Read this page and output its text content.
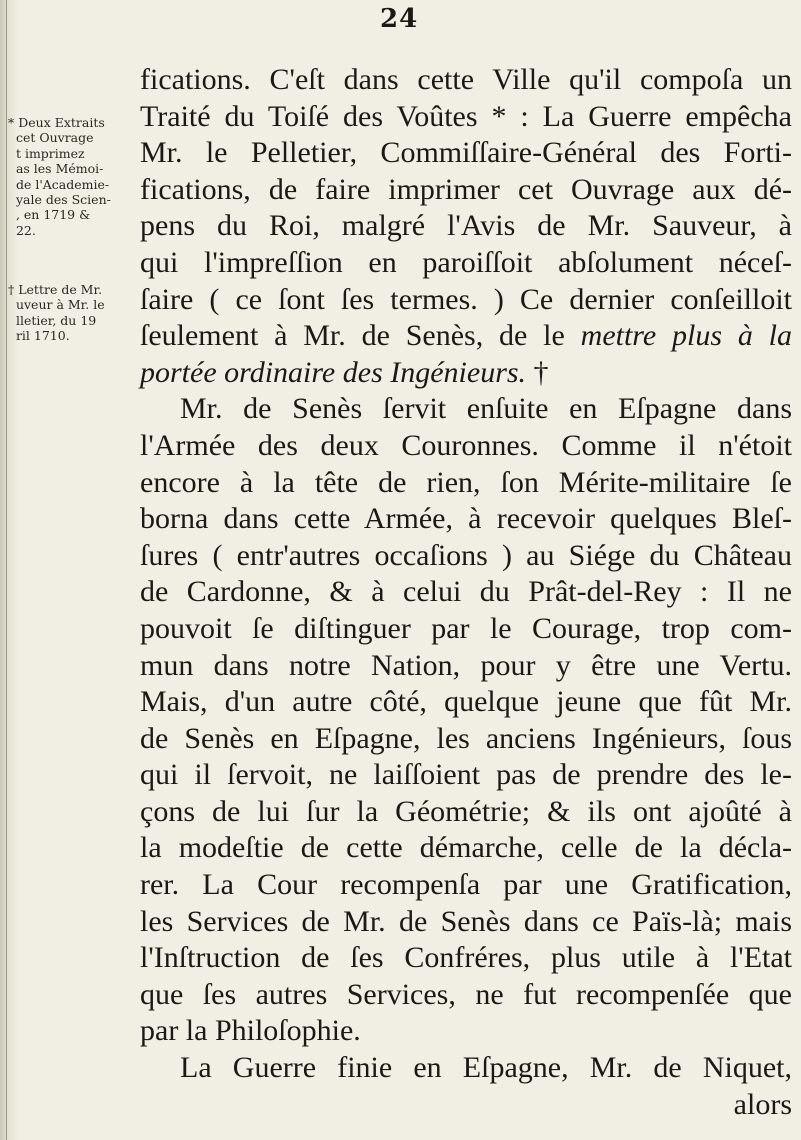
24
* Deux Extraits
cet Ouvrage
t imprimez
as les Mémoi-
de l'Academie-
yale des Scien-
, en 1719 &
22.
† Lettre de Mr.
uveur à Mr. le
lletier, du 19
ril 1710.
fications. C'eſt dans cette Ville qu'il compoſa un
Traité du Toiſé des Voûtes * : La Guerre empêcha
Mr. le Pelletier, Commiſſaire-Général des Forti-
fications, de faire imprimer cet Ouvrage aux dé-
pens du Roi, malgré l'Avis de Mr. Sauveur, à
qui l'impreſſion en paroiſſoit abſolument néceſ-
ſaire ( ce ſont ſes termes. ) Ce dernier conſeilloit
ſeulement à Mr. de Senès, de le mettre plus à la
portée ordinaire des Ingénieurs. †
Mr. de Senès ſervit enſuite en Eſpagne dans
l'Armée des deux Couronnes. Comme il n'étoit
encore à la tête de rien, ſon Mérite-militaire ſe
borna dans cette Armée, à recevoir quelques Bleſ-
ſures ( entr'autres occaſions ) au Siége du Château
de Cardonne, & à celui du Prât-del-Rey : Il ne
pouvoit ſe diſtinguer par le Courage, trop com-
mun dans notre Nation, pour y être une Vertu.
Mais, d'un autre côté, quelque jeune que fût Mr.
de Senès en Eſpagne, les anciens Ingénieurs, ſous
qui il ſervoit, ne laiſſoient pas de prendre des le-
çons de lui ſur la Géométrie; & ils ont ajoûté à
la modeſtie de cette démarche, celle de la décla-
rer. La Cour recompenſa par une Gratification,
les Services de Mr. de Senès dans ce Païs-là; mais
l'Inſtruction de ſes Confréres, plus utile à l'Etat
que ſes autres Services, ne fut recompenſée que
par la Philoſophie.
La Guerre finie en Eſpagne, Mr. de Niquet,
alors
